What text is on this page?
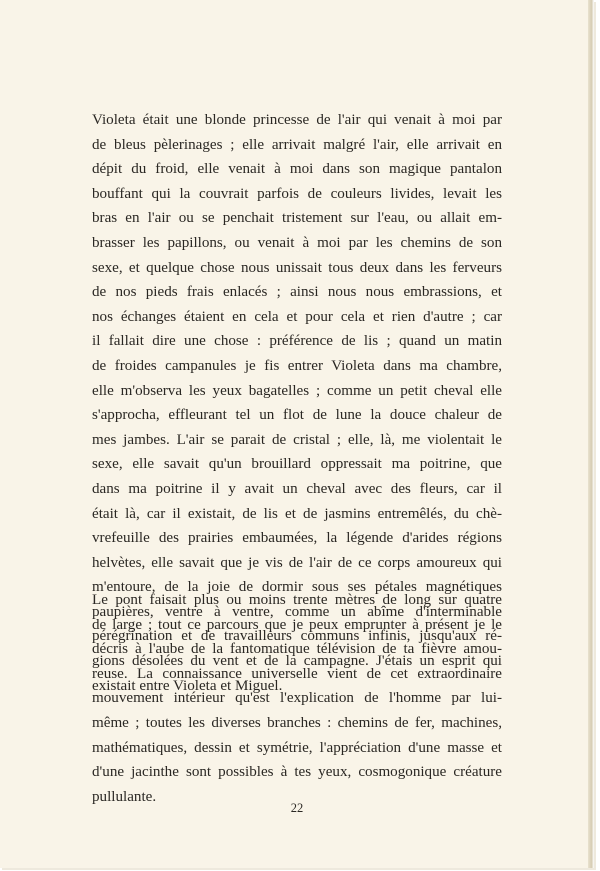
Violeta était une blonde princesse de l'air qui venait à moi par
de bleus pèlerinages ; elle arrivait malgré l'air, elle arrivait en
dépit du froid, elle venait à moi dans son magique pantalon
bouffant qui la couvrait parfois de couleurs livides, levait les
bras en l'air ou se penchait tristement sur l'eau, ou allait em-
brasser les papillons, ou venait à moi par les chemins de son
sexe, et quelque chose nous unissait tous deux dans les ferveurs
de nos pieds frais enlacés ; ainsi nous nous embrassions, et
nos échanges étaient en cela et pour cela et rien d'autre ; car
il fallait dire une chose : préférence de lis ; quand un matin
de froides campanules je fis entrer Violeta dans ma chambre,
elle m'observa les yeux bagatelles ; comme un petit cheval elle
s'approcha, effleurant tel un flot de lune la douce chaleur de
mes jambes. L'air se parait de cristal ; elle, là, me violentait le
sexe, elle savait qu'un brouillard oppressait ma poitrine, que
dans ma poitrine il y avait un cheval avec des fleurs, car il
était là, car il existait, de lis et de jasmins entremêlés, du chè-
vrefeuille des prairies embaumées, la légende d'arides régions
helvètes, elle savait que je vis de l'air de ce corps amoureux qui
m'entoure, de la joie de dormir sous ses pétales magnétiques
paupières, ventre à ventre, comme un abîme d'interminable
pérégrination et de travailleurs communs infinis, jusqu'aux ré-
gions désolées du vent et de la campagne. J'étais un esprit qui
existait entre Violeta et Miguel.
Le pont faisait plus ou moins trente mètres de long sur quatre
de large ; tout ce parcours que je peux emprunter à présent je le
décris à l'aube de la fantomatique télévision de ta fièvre amou-
reuse. La connaissance universelle vient de cet extraordinaire
mouvement intérieur qu'est l'explication de l'homme par lui-
même ; toutes les diverses branches : chemins de fer, machines,
mathématiques, dessin et symétrie, l'appréciation d'une masse et
d'une jacinthe sont possibles à tes yeux, cosmogonique créature
pullulante.
22
